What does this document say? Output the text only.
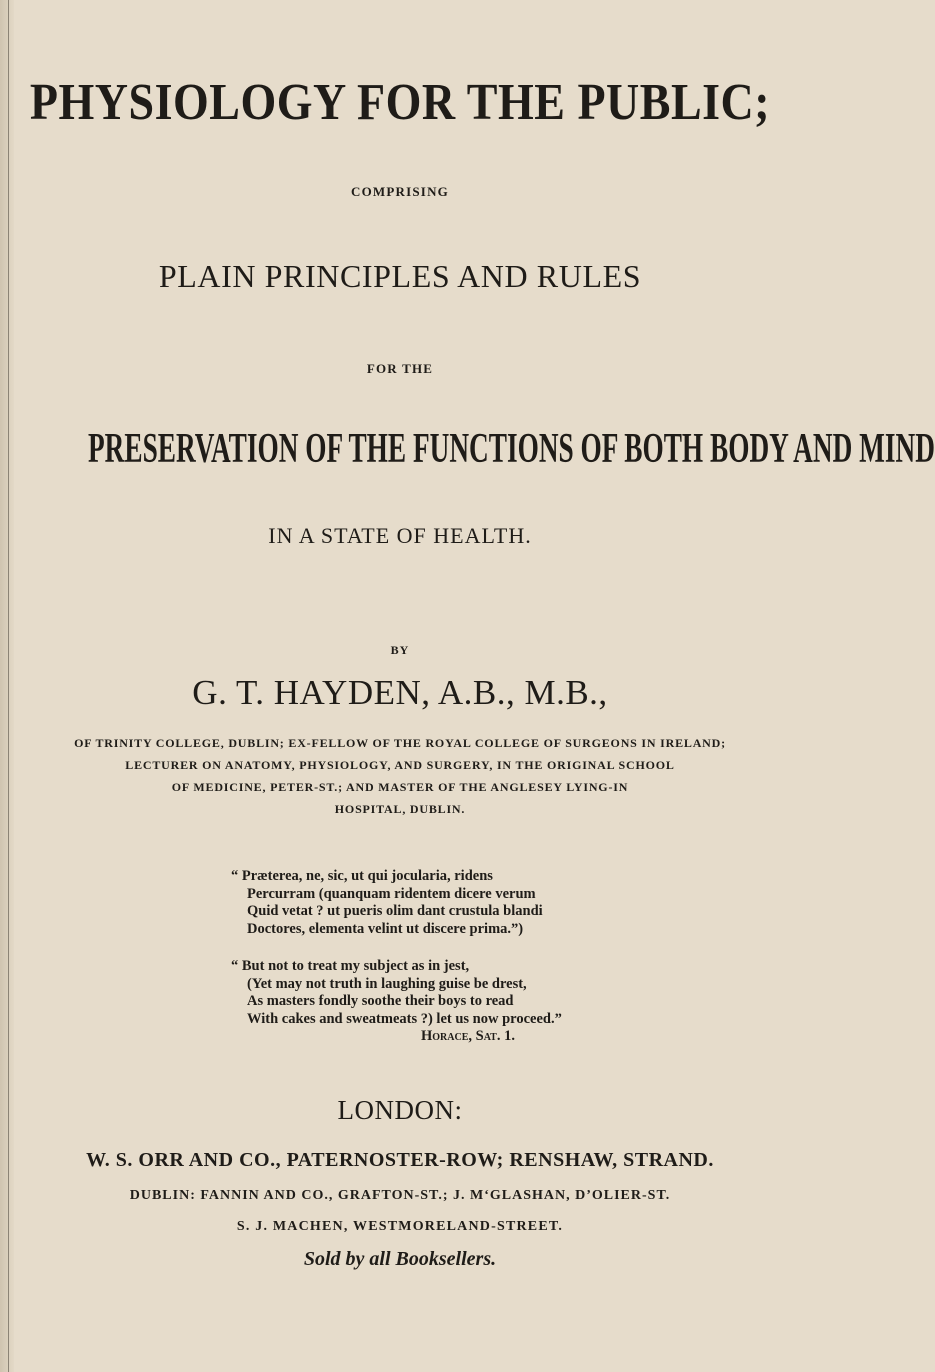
PHYSIOLOGY FOR THE PUBLIC;

COMPRISING

PLAIN PRINCIPLES AND RULES

FOR THE

PRESERVATION OF THE FUNCTIONS OF BOTH BODY AND MIND

IN A STATE OF HEALTH.

BY

G. T. HAYDEN, A.B., M.B.,

OF TRINITY COLLEGE, DUBLIN; EX-FELLOW OF THE ROYAL COLLEGE OF SURGEONS IN IRELAND;

LECTURER ON ANATOMY, PHYSIOLOGY, AND SURGERY, IN THE ORIGINAL SCHOOL

OF MEDICINE, PETER-ST.; AND MASTER OF THE ANGLESEY LYING-IN

HOSPITAL, DUBLIN.

“ Præterea, ne, sic, ut qui jocularia, ridens

Percurram (quanquam ridentem dicere verum

Quid vetat ? ut pueris olim dant crustula blandi

Doctores, elementa velint ut discere prima.”)

“ But not to treat my subject as in jest,

(Yet may not truth in laughing guise be drest,

As masters fondly soothe their boys to read

With cakes and sweatmeats ?) let us now proceed.”

Horace, Sat. 1.

LONDON:

W. S. ORR AND CO., PATERNOSTER-ROW; RENSHAW, STRAND.

DUBLIN: FANNIN AND CO., GRAFTON-ST.; J. M‘GLASHAN, D’OLIER-ST.

S. J. MACHEN, WESTMORELAND-STREET.

Sold by all Booksellers.
